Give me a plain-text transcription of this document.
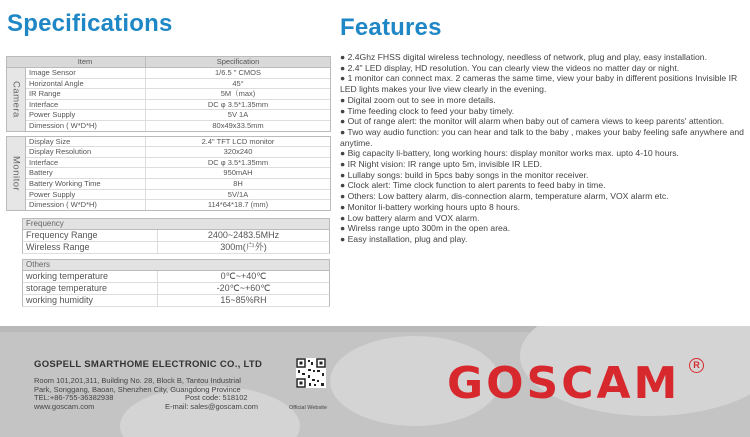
Specifications	Features
Item	Specification
Camera
Image Sensor	1/6.5 " CMOS
Horizontal Angle	45°
IR Range	5M（max)
Interface	DC φ 3.5*1.35mm
Power Supply	5V 1A
Dimession ( W*D*H)	80x49x33.5mm
Monitor
Display Size	2.4" TFT LCD monitor
Display Resolution	320x240
Interface	DC φ 3.5*1.35mm
Battery	950mAH
Battery Working Time	8H
Power Supply	5V/1A
Dimession ( W*D*H)	114*64*18.7 (mm)
Frequency
Frequency Range	2400~2483.5MHz
Wireless Range	300m(户外)
Others
working temperature	0℃~+40℃
storage temperature	-20℃~+60℃
working humidity	15~85%RH

● 2.4Ghz FHSS digital wireless technology, needless of network, plug and play, easy installation.

● 2.4" LED display, HD resolution. You can clearly view the videos no matter day or night.

● 1 monitor can connect max. 2 cameras the same time, view your baby in different positions Invisible IR LED lights makes your live view clearly in the evening.

● Digital zoom out to see in more details.

● Time feeding clock to feed your baby timely.

● Out of range alert: the monitor will alarm when baby out of camera views to keep parents' attention.

● Two way audio function: you can hear and talk to the baby , makes your baby feeling safe anywhere and anytime.

● Big capacity li-battery, long working hours: display monitor works max. upto 4-10 hours.

● IR Night vision: IR range upto 5m, invisible IR LED.

● Lullaby songs: build in 5pcs baby songs in the monitor receiver.

● Clock alert: Time clock function to alert parents to feed baby in time.

● Others: Low battery alarm, dis-connection alarm, temperature alarm, VOX alarm etc.

● Monitor li-battery working hours upto 8 hours.

● Low battery alarm and VOX alarm.

● Wirelss range upto 300m in the open area.

● Easy installation, plug and play.

GOSPELL SMARTHOME ELECTRONIC CO., LTD
Room 101,201,311, Building No. 28, Block B, Tantou Industrial
Park, Songgang, Baoan, Shenzhen City, Guangdong Province
TEL:+86-755-36382938	Post code: 518102
www.goscam.com	E-mail: sales@goscam.com	Official Website	GOSCAM	R
